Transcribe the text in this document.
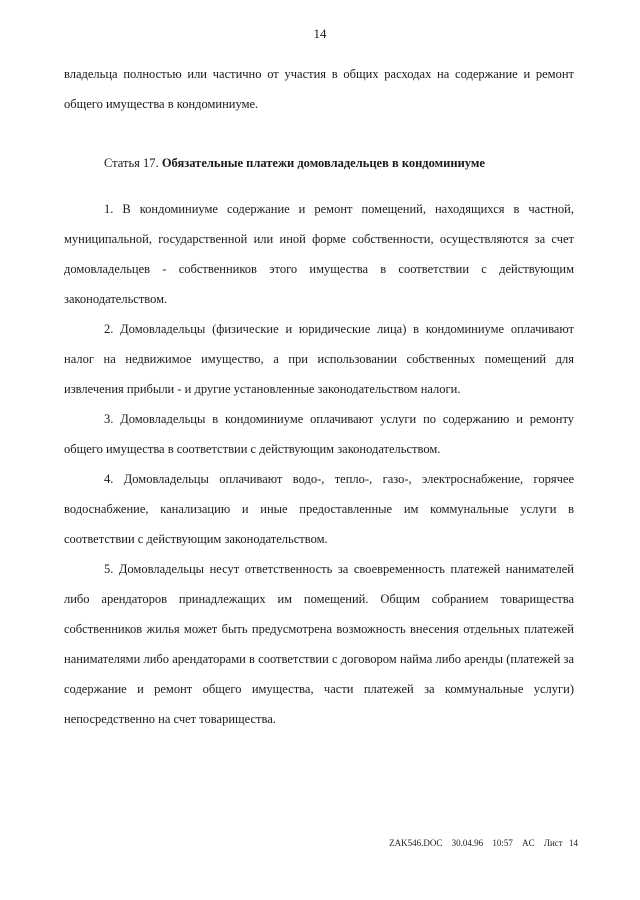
14

владельца полностью или частично от участия в общих расходах на содержание и ремонт общего имущества в кондоминиуме.

Статья 17. Обязательные платежи домовладельцев в кондоминиуме

1. В кондоминиуме содержание и ремонт помещений, находящихся в частной, муниципальной, государственной или иной форме собственности, осуществляются за счет домовладельцев - собственников этого имущества в соответствии с действующим законодательством.

2. Домовладельцы (физические и юридические лица) в кондоминиуме оплачивают налог на недвижимое имущество, а при использовании собственных помещений для извлечения прибыли - и другие установленные законодательством налоги.

3. Домовладельцы в кондоминиуме оплачивают услуги по содержанию и ремонту общего имущества в соответствии с действующим законодательством.

4. Домовладельцы оплачивают водо-, тепло-, газо-, электроснабжение, горячее водоснабжение, канализацию и иные предоставленные им коммунальные услуги в соответствии с действующим законодательством.

5. Домовладельцы несут ответственность за своевременность платежей нанимателей либо арендаторов принадлежащих им помещений. Общим собранием товарищества собственников жилья может быть предусмотрена возможность внесения отдельных платежей нанимателями либо арендаторами в соответствии с договором найма либо аренды (платежей за содержание и ремонт общего имущества, части платежей за коммунальные услуги) непосредственно на счет товарищества.

ZAK546.DOC 30.04.96 10:57 AC Лист 14
